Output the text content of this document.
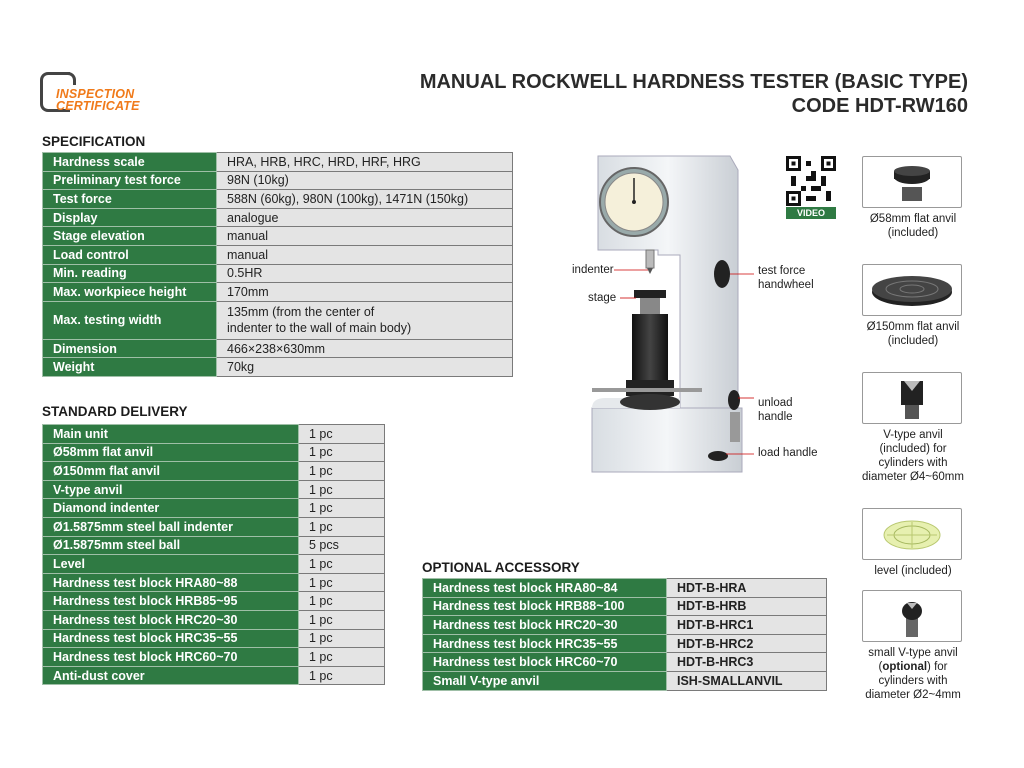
INSPECTION
CERTIFICATE
MANUAL ROCKWELL HARDNESS TESTER (BASIC TYPE)
CODE HDT-RW160
SPECIFICATION
Hardness scale	HRA, HRB, HRC, HRD, HRF, HRG
Preliminary test force	98N (10kg)
Test force	588N (60kg), 980N (100kg), 1471N (150kg)
Display	analogue
Stage elevation	manual
Load control	manual
Min. reading	0.5HR
Max. workpiece height	170mm
Max. testing width	135mm (from the center of
indenter to the wall of main body)

Dimension	466×238×630mm
Weight	70kg
STANDARD DELIVERY
Main unit	1 pc
Ø58mm flat anvil	1 pc
Ø150mm flat anvil	1 pc
V-type anvil	1 pc
Diamond indenter	1 pc
Ø1.5875mm steel ball indenter	1 pc
Ø1.5875mm steel ball	5 pcs
Level	1 pc
Hardness test block HRA80~88	1 pc
Hardness test block HRB85~95	1 pc
Hardness test block HRC20~30	1 pc
Hardness test block HRC35~55	1 pc
Hardness test block HRC60~70	1 pc
Anti-dust cover	1 pc
OPTIONAL ACCESSORY
Hardness test block HRA80~84	HDT-B-HRA
Hardness test block HRB88~100	HDT-B-HRB
Hardness test block HRC20~30	HDT-B-HRC1
Hardness test block HRC35~55	HDT-B-HRC2
Hardness test block HRC60~70	HDT-B-HRC3
Small V-type anvil	ISH-SMALLANVIL
indenter
stage
test force
handwheel
unload
handle
load handle
VIDEO	Ø58mm flat anvil
(included)
Ø150mm flat anvil
(included)
V-type anvil
(included) for
cylinders with
diameter Ø4~60mm
level (included)
small V-type anvil
(optional) for
cylinders with
diameter Ø2~4mm
